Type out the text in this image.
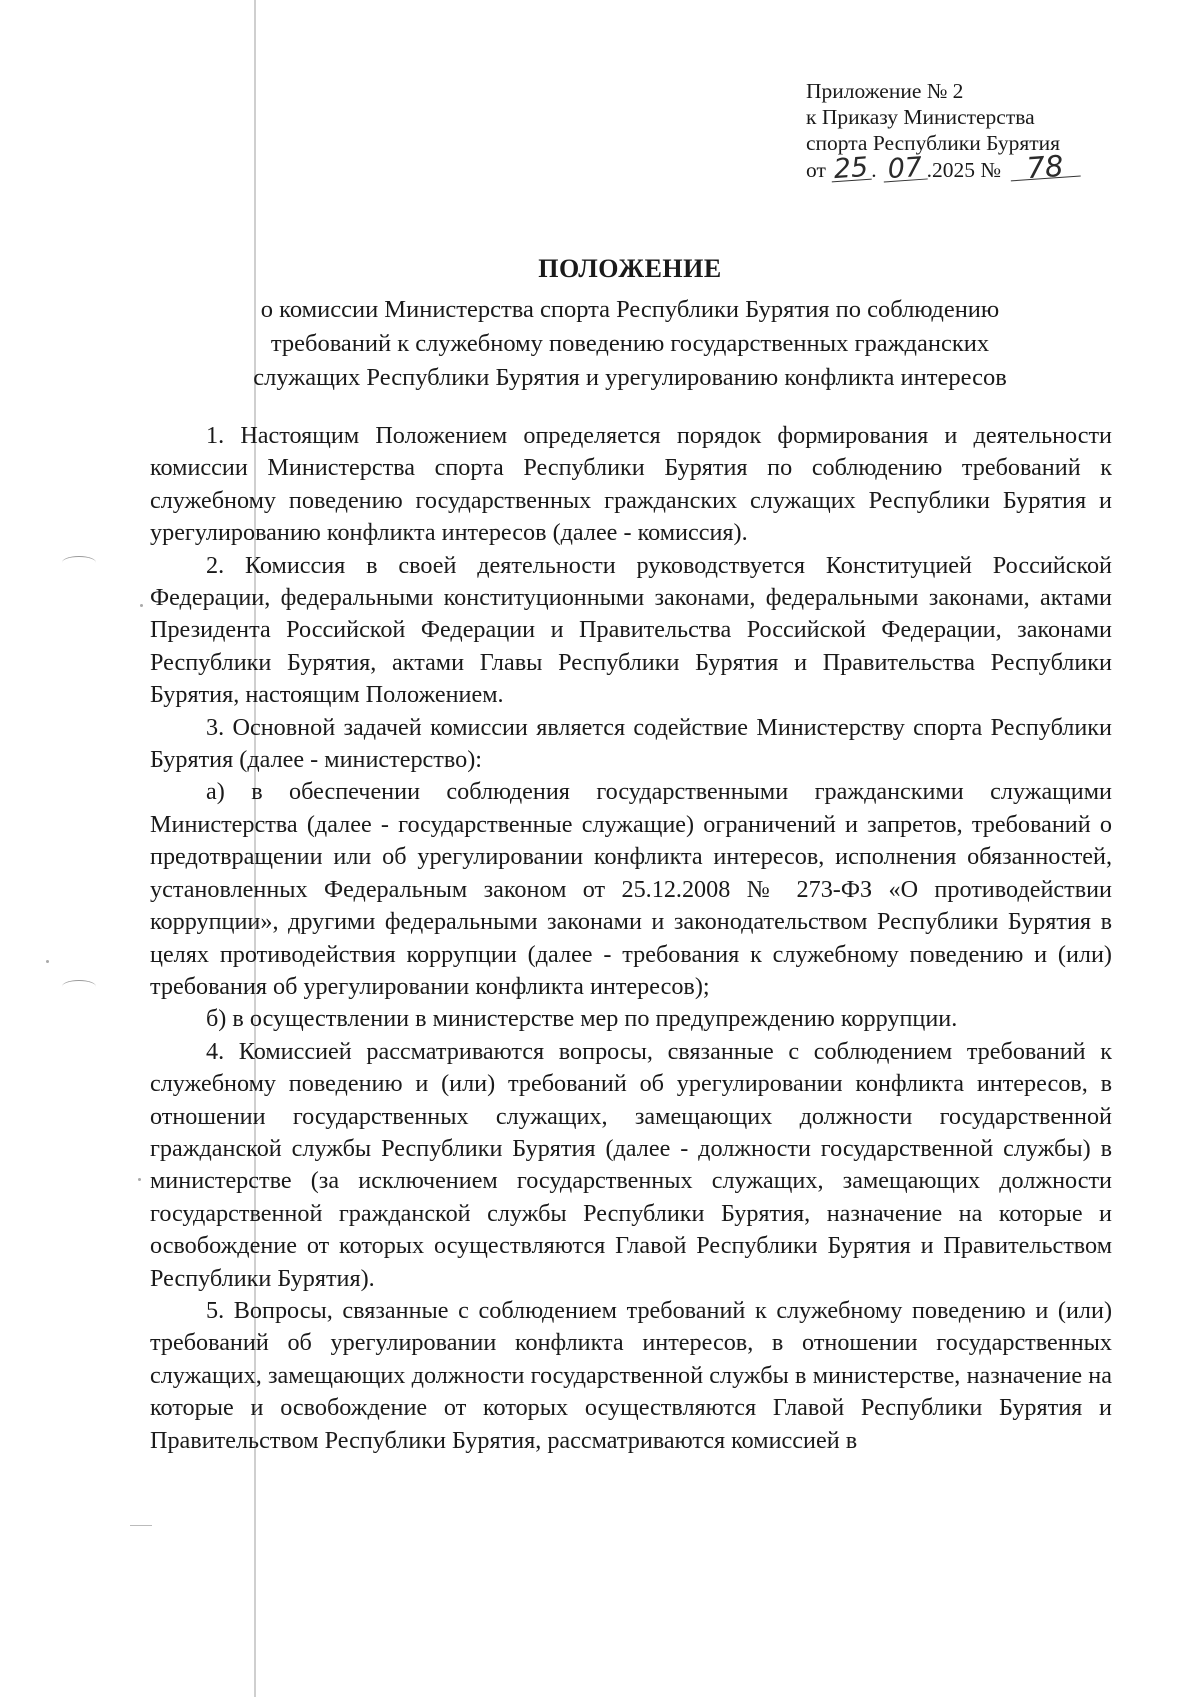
Приложение № 2
к Приказу Министерства
спорта Республики Бурятия
от 25. 07 .2025 № 78
ПОЛОЖЕНИЕ
о комиссии Министерства спорта Республики Бурятия по соблюдению
требований к служебному поведению государственных гражданских
служащих Республики Бурятия и урегулированию конфликта интересов

1. Настоящим Положением определяется порядок формирования и деятельности комиссии Министерства спорта Республики Бурятия по соблюдению требований к служебному поведению государственных гражданских служащих Республики Бурятия и урегулированию конфликта интересов (далее - комиссия).

2. Комиссия в своей деятельности руководствуется Конституцией Российской Федерации, федеральными конституционными законами, федеральными законами, актами Президента Российской Федерации и Правительства Российской Федерации, законами Республики Бурятия, актами Главы Республики Бурятия и Правительства Республики Бурятия, настоящим Положением.

3. Основной задачей комиссии является содействие Министерству спорта Республики Бурятия (далее - министерство):

а) в обеспечении соблюдения государственными гражданскими служащими Министерства (далее - государственные служащие) ограничений и запретов, требований о предотвращении или об урегулировании конфликта интересов, исполнения обязанностей, установленных Федеральным законом от 25.12.2008 № 273-ФЗ «О противодействии коррупции», другими федеральными законами и законодательством Республики Бурятия в целях противодействия коррупции (далее - требования к служебному поведению и (или) требования об урегулировании конфликта интересов);

б) в осуществлении в министерстве мер по предупреждению коррупции.

4. Комиссией рассматриваются вопросы, связанные с соблюдением требований к служебному поведению и (или) требований об урегулировании конфликта интересов, в отношении государственных служащих, замещающих должности государственной гражданской службы Республики Бурятия (далее - должности государственной службы) в министерстве (за исключением государственных служащих, замещающих должности государственной гражданской службы Республики Бурятия, назначение на которые и освобождение от которых осуществляются Главой Республики Бурятия и Правительством Республики Бурятия).

5. Вопросы, связанные с соблюдением требований к служебному поведению и (или) требований об урегулировании конфликта интересов, в отношении государственных служащих, замещающих должности государственной службы в министерстве, назначение на которые и освобождение от которых осуществляются Главой Республики Бурятия и Правительством Республики Бурятия, рассматриваются комиссией в
